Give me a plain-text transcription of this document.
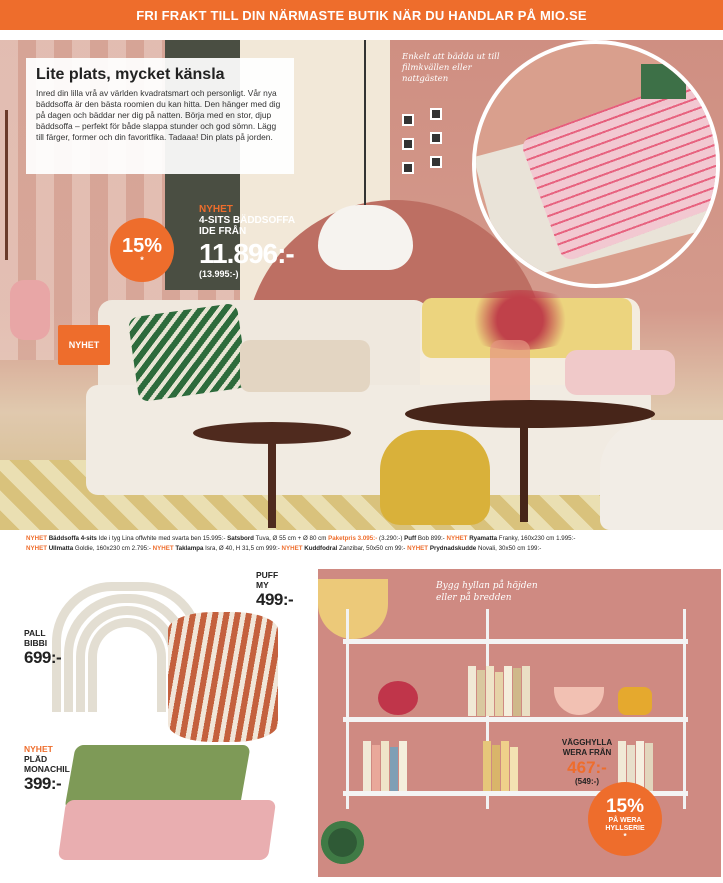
FRI FRAKT TILL DIN NÄRMASTE BUTIK NÄR DU HANDLAR PÅ MIO.SE
Lite plats, mycket känsla

Inred din lilla vrå av världen kvadratsmart och personligt. Vår nya bäddsoffa är den bästa roomien du kan hitta. Den hänger med dig på dagen och bäddar ner dig på natten. Börja med en stor, djup bäddsoffa – perfekt för både slappa stunder och god sömn. Lägg till färger, former och din favoritfika. Tadaaa! Din plats på jorden.

Enkelt att bädda ut till filmkvällen eller nattgästen
15%
*
NYHET
4-SITS BÄDDSOFFA
IDE FRÅN
11.896:-
(13.995:-)
NYHET
NYHET Bäddsoffa 4-sits Ide i tyg Lina offwhite med svarta ben 15.995:- Satsbord Tuva, Ø 55 cm + Ø 80 cm Paketpris 3.095:- (3.290:-) Puff Bob 899:- NYHET Ryamatta Franky, 160x230 cm 1.995:-
NYHET Ullmatta Goldie, 160x230 cm 2.795:- NYHET Taklampa Isra, Ø 40, H 31,5 cm 999:- NYHET Kuddfodral Zanzibar, 50x50 cm 99:- NYHET Prydnadskudde Novali, 30x50 cm 199:-
PALL
BIBBI
699:-
PUFF
MY
499:-
NYHET
PLÄD
MONACHIL
399:-
Bygg hyllan på höjden eller på bredden
VÄGGHYLLA
WERA FRÅN
467:-
(549:-)
15%
PÅ WERA
HYLLSERIE
*
